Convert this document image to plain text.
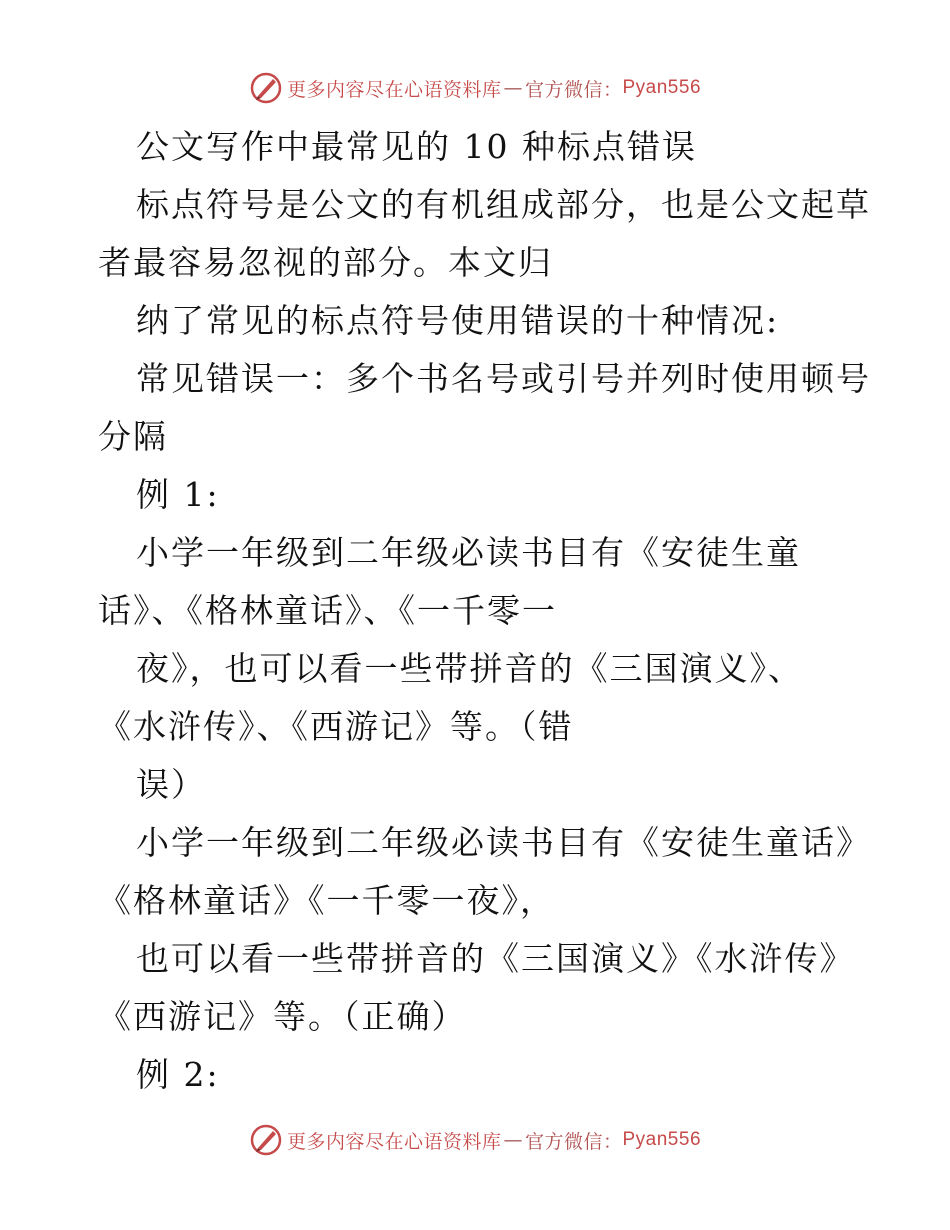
更多内容尽在心语资料库 — 官方微信： Pyan556
公文写作中最常见的 10 种标点错误
标点符号是公文的有机组成部分，也是公文起草
者最容易忽视的部分。本文归
纳了常见的标点符号使用错误的十种情况:
常见错误一：多个书名号或引号并列时使用顿号
分隔
例 1:
小学一年级到二年级必读书目有《安徒生童
话》、《格林童话》、《一千零一
夜》，也可以看一些带拼音的《三国演义》、
《水浒传》、《西游记》等。（错
误）
小学一年级到二年级必读书目有《安徒生童话》
《格林童话》《一千零一夜》，
也可以看一些带拼音的《三国演义》《水浒传》
《西游记》等。（正确）
例 2:
更多内容尽在心语资料库 — 官方微信： Pyan556
